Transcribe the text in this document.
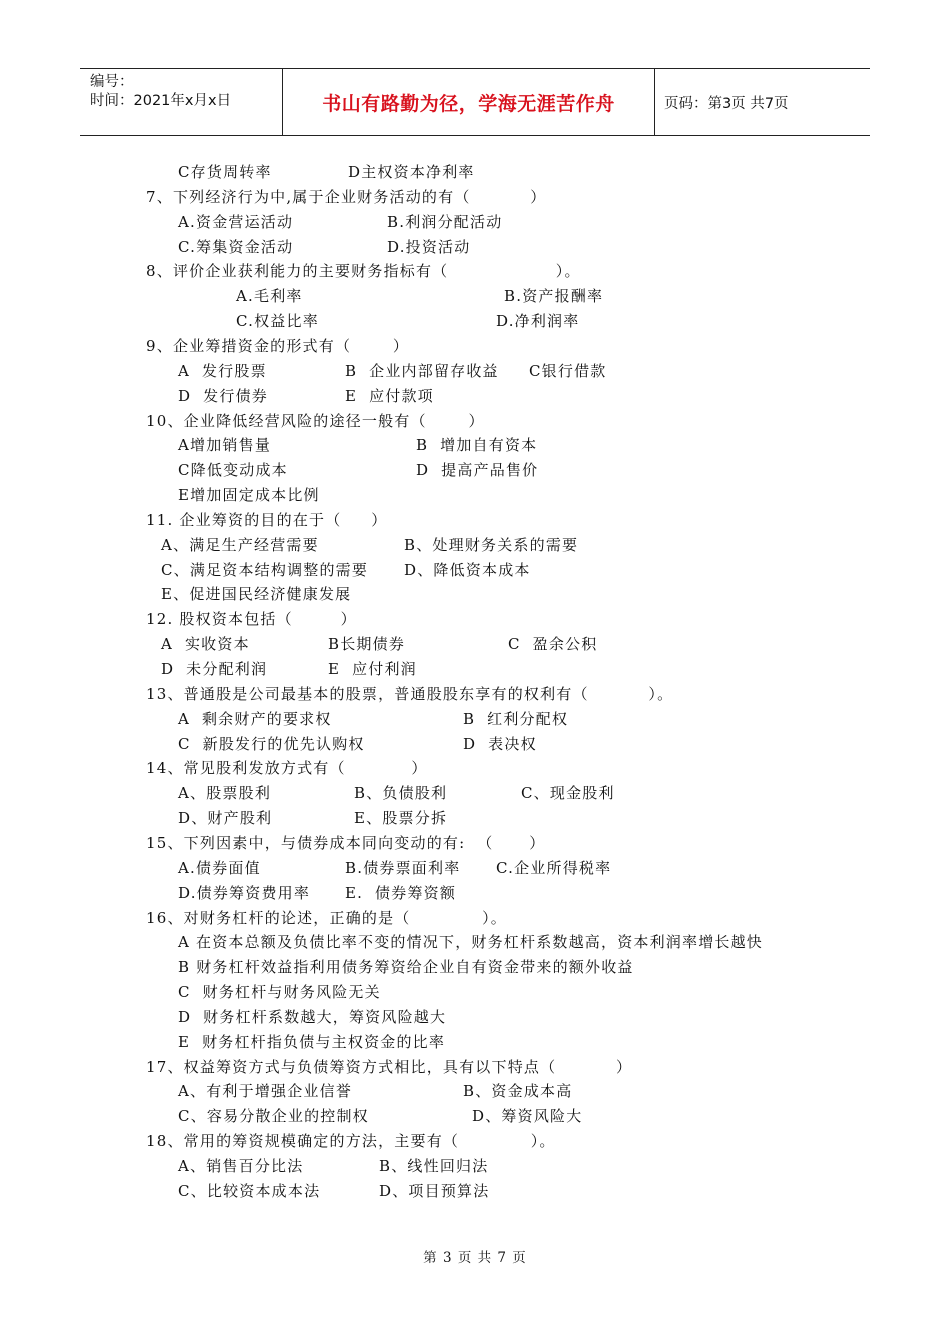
编号：
时间：2021年x月x日	书山有路勤为径，学海无涯苦作舟	页码：第3页 共7页
C存货周转率	D主权资本净利率
7、下列经济行为中,属于企业财务活动的有（          ）
A.资金营运活动	B.利润分配活动
C.筹集资金活动	D.投资活动
8、评价企业获利能力的主要财务指标有（                  ）。
A.毛利率	B.资产报酬率
C.权益比率	D.净利润率
9、企业筹措资金的形式有（       ）
A  发行股票	B  企业内部留存收益 C银行借款
D  发行债券	E  应付款项
10、企业降低经营风险的途径一般有（       ）
A增加销售量	B  增加自有资本
C降低变动成本	D  提高产品售价
E增加固定成本比例
11. 企业筹资的目的在于（     ）
A、满足生产经营需要	B、处理财务关系的需要
C、满足资本结构调整的需要 D、降低资本成本
E、促进国民经济健康发展
12. 股权资本包括（        ）
A  实收资本	B长期债券	C  盈余公积
D  未分配利润	E  应付利润
13、普通股是公司最基本的股票，普通股股东享有的权利有（          ）。
A  剩余财产的要求权	B  红利分配权
C  新股发行的优先认购权	D  表决权
14、常见股利发放方式有（           ）
A、股票股利	B、负债股利	C、现金股利
D、财产股利	E、股票分拆
15、下列因素中，与债券成本同向变动的有:  （      ）
A.债券面值	B.债券票面利率 C.企业所得税率
D.债券筹资费用率 E.  债券筹资额
16、对财务杠杆的论述，正确的是（            ）。
A 在资本总额及负债比率不变的情况下，财务杠杆系数越高，资本利润率增长越快
B 财务杠杆效益指利用债务筹资给企业自有资金带来的额外收益
C  财务杠杆与财务风险无关
D  财务杠杆系数越大，筹资风险越大
E  财务杠杆指负债与主权资金的比率
17、权益筹资方式与负债筹资方式相比，具有以下特点（          ）
A、有利于增强企业信誉	B、资金成本高
C、容易分散企业的控制权	D、筹资风险大
18、常用的筹资规模确定的方法，主要有（            ）。
A、销售百分比法	B、线性回归法
C、比较资本成本法	D、项目预算法
第 3 页 共 7 页
